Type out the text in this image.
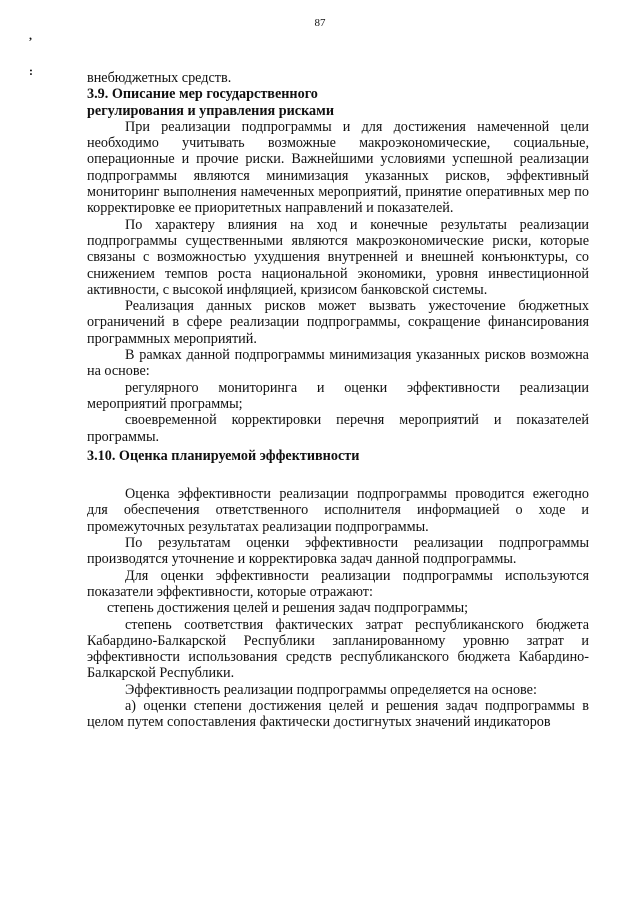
87
,
:	внебюджетных средств.

3.9. Описание мер государственного

регулирования и управления рисками

При реализации подпрограммы и для достижения намеченной цели необходимо учитывать возможные макроэкономические, социальные, операционные и прочие риски. Важнейшими условиями успешной реализации подпрограммы являются минимизация указанных рисков, эффективный мониторинг выполнения намеченных мероприятий, принятие оперативных мер по корректировке ее приоритетных направлений и показателей.

По характеру влияния на ход и конечные результаты реализации подпрограммы существенными являются макроэкономические риски, которые связаны с возможностью ухудшения внутренней и внешней конъюнктуры, со снижением темпов роста национальной экономики, уровня инвестиционной активности, с высокой инфляцией, кризисом банковской системы.

Реализация данных рисков может вызвать ужесточение бюджетных ограничений в сфере реализации подпрограммы, сокращение финансирования программных мероприятий.

В рамках данной подпрограммы минимизация указанных рисков возможна на основе:

регулярного мониторинга и оценки эффективности реализации мероприятий программы;

своевременной корректировки перечня мероприятий и показателей программы.

3.10. Оценка планируемой эффективности

Оценка эффективности реализации подпрограммы проводится ежегодно для обеспечения ответственного исполнителя информацией о ходе и промежуточных результатах реализации подпрограммы.

По результатам оценки эффективности реализации подпрограммы производятся уточнение и корректировка задач данной подпрограммы.

Для оценки эффективности реализации подпрограммы используются показатели эффективности, которые отражают:

степень достижения целей и решения задач подпрограммы;

степень соответствия фактических затрат республиканского бюджета Кабардино-Балкарской Республики запланированному уровню затрат и эффективности использования средств республиканского бюджета Кабардино-Балкарской Республики.

Эффективность реализации подпрограммы определяется на основе:

а) оценки степени достижения целей и решения задач подпрограммы в целом путем сопоставления фактически достигнутых значений индикаторов
